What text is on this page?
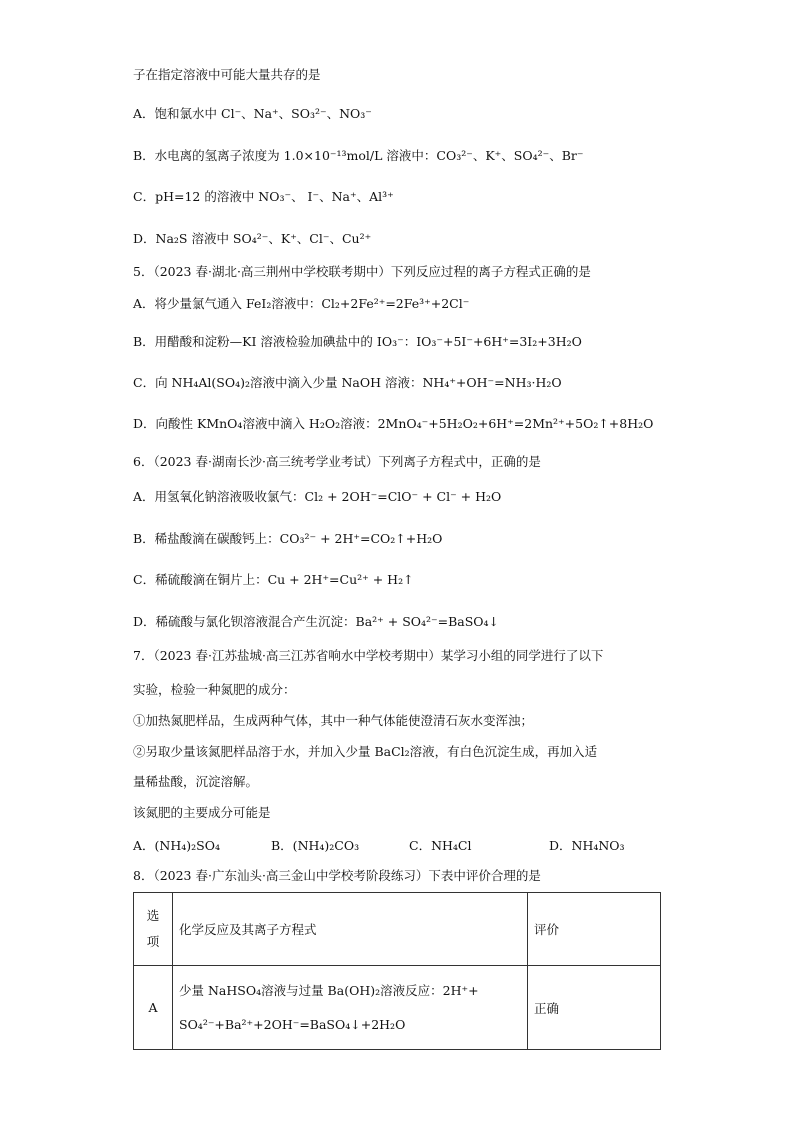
子在指定溶液中可能大量共存的是
A．饱和氯水中 Cl⁻、Na⁺、SO₃²⁻、NO₃⁻
B．水电离的氢离子浓度为 1.0×10⁻¹³mol/L 溶液中：CO₃²⁻、K⁺、SO₄²⁻、Br⁻
C．pH=12 的溶液中 NO₃⁻、 I⁻、Na⁺、Al³⁺
D．Na₂S 溶液中 SO₄²⁻、K⁺、Cl⁻、Cu²⁺
5．（2023 春·湖北·高三荆州中学校联考期中）下列反应过程的离子方程式正确的是
A．将少量氯气通入 FeI₂溶液中：Cl₂+2Fe²⁺=2Fe³⁺+2Cl⁻
B．用醋酸和淀粉—KI 溶液检验加碘盐中的 IO₃⁻：IO₃⁻+5I⁻+6H⁺=3I₂+3H₂O
C．向 NH₄Al(SO₄)₂溶液中滴入少量 NaOH 溶液：NH₄⁺+OH⁻=NH₃·H₂O
D．向酸性 KMnO₄溶液中滴入 H₂O₂溶液：2MnO₄⁻+5H₂O₂+6H⁺=2Mn²⁺+5O₂↑+8H₂O
6．（2023 春·湖南长沙·高三统考学业考试）下列离子方程式中，正确的是
A．用氢氧化钠溶液吸收氯气：Cl₂ + 2OH⁻=ClO⁻ + Cl⁻ + H₂O
B．稀盐酸滴在碳酸钙上：CO₃²⁻ + 2H⁺=CO₂↑+H₂O
C．稀硫酸滴在铜片上：Cu + 2H⁺=Cu²⁺ + H₂↑
D．稀硫酸与氯化钡溶液混合产生沉淀：Ba²⁺ + SO₄²⁻=BaSO₄↓
7．（2023 春·江苏盐城·高三江苏省响水中学校考期中）某学习小组的同学进行了以下
实验，检验一种氮肥的成分：
①加热氮肥样品，生成两种气体，其中一种气体能使澄清石灰水变浑浊；
②另取少量该氮肥样品溶于水，并加入少量 BaCl₂溶液，有白色沉淀生成，再加入适
量稀盐酸，沉淀溶解。
该氮肥的主要成分可能是
A．(NH₄)₂SO₄	B．(NH₄)₂CO₃	C．NH₄Cl	D．NH₄NO₃
8．（2023 春·广东汕头·高三金山中学校考阶段练习）下表中评价合理的是
选
项	化学反应及其离子方程式	评价
A	少量 NaHSO₄溶液与过量 Ba(OH)₂溶液反应：2H⁺+
SO₄²⁻+Ba²⁺+2OH⁻=BaSO₄↓+2H₂O	正确
